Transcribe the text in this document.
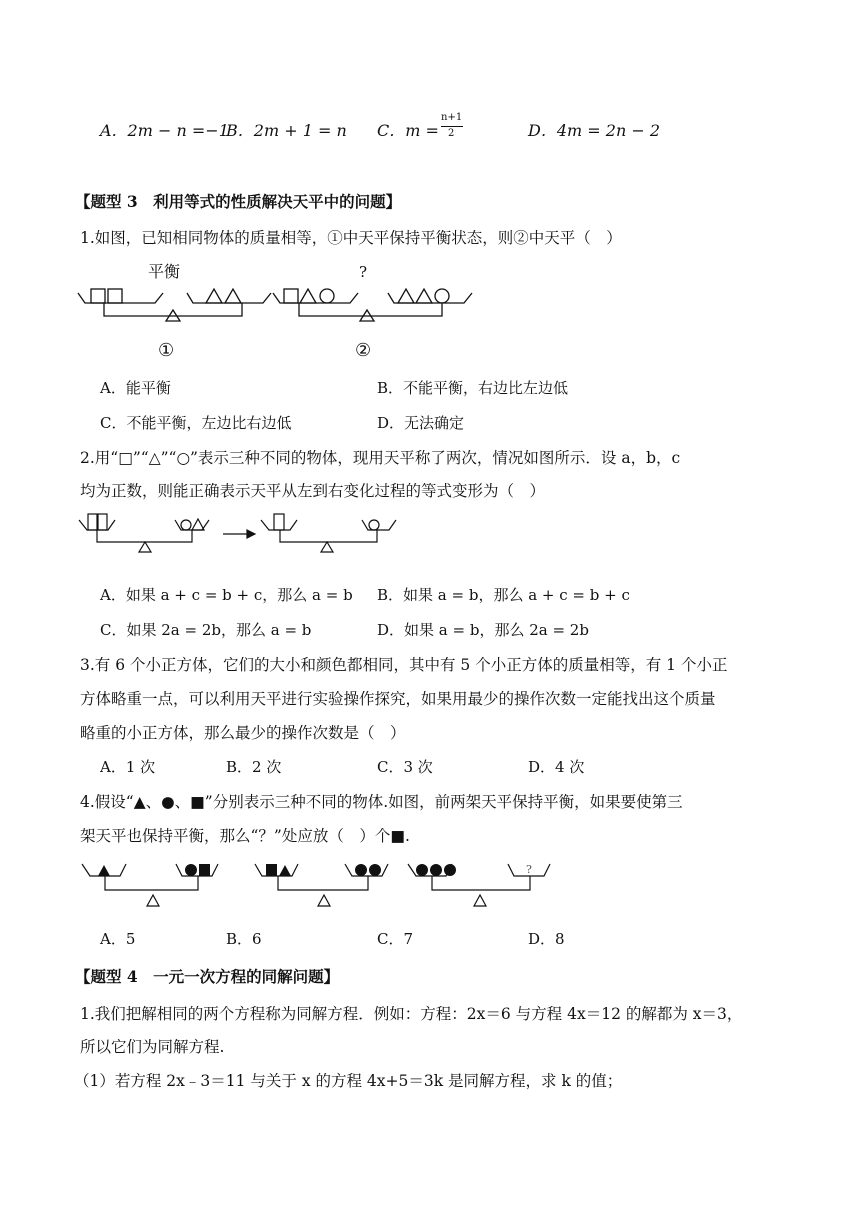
A．2m − n =−1
B．2m + 1 = n C．m =
n+1
2	D．4m = 2n − 2
【题型 3　利用等式的性质解决天平中的问题】
1.如图，已知相同物体的质量相等，①中天平保持平衡状态，则②中天平（　）
平衡	?
①	②
A．能平衡	B．不能平衡，右边比左边低
C．不能平衡，左边比右边低	D．无法确定
2.用“□”“△”“○”表示三种不同的物体，现用天平称了两次，情况如图所示．设 a，b，c
均为正数，则能正确表示天平从左到右变化过程的等式变形为（　）
A．如果 a + c = b + c，那么 a = b B．如果 a = b，那么 a + c = b + c
C．如果 2a = 2b，那么 a = b	D．如果 a = b，那么 2a = 2b
3.有 6 个小正方体，它们的大小和颜色都相同，其中有 5 个小正方体的质量相等，有 1 个小正
方体略重一点，可以利用天平进行实验操作探究，如果用最少的操作次数一定能找出这个质量
略重的小正方体，那么最少的操作次数是（　）
A．1 次	B．2 次	C．3 次	D．4 次
4.假设“▲、●、■”分别表示三种不同的物体.如图，前两架天平保持平衡，如果要使第三
架天平也保持平衡，那么“？”处应放（　）个■.
?
A．5	B．6	C．7	D．8
【题型 4　一元一次方程的同解问题】
1.我们把解相同的两个方程称为同解方程．例如：方程：2x＝6 与方程 4x＝12 的解都为 x＝3，
所以它们为同解方程.
（1）若方程 2x﹣3＝11 与关于 x 的方程 4x+5＝3k 是同解方程，求 k 的值；
